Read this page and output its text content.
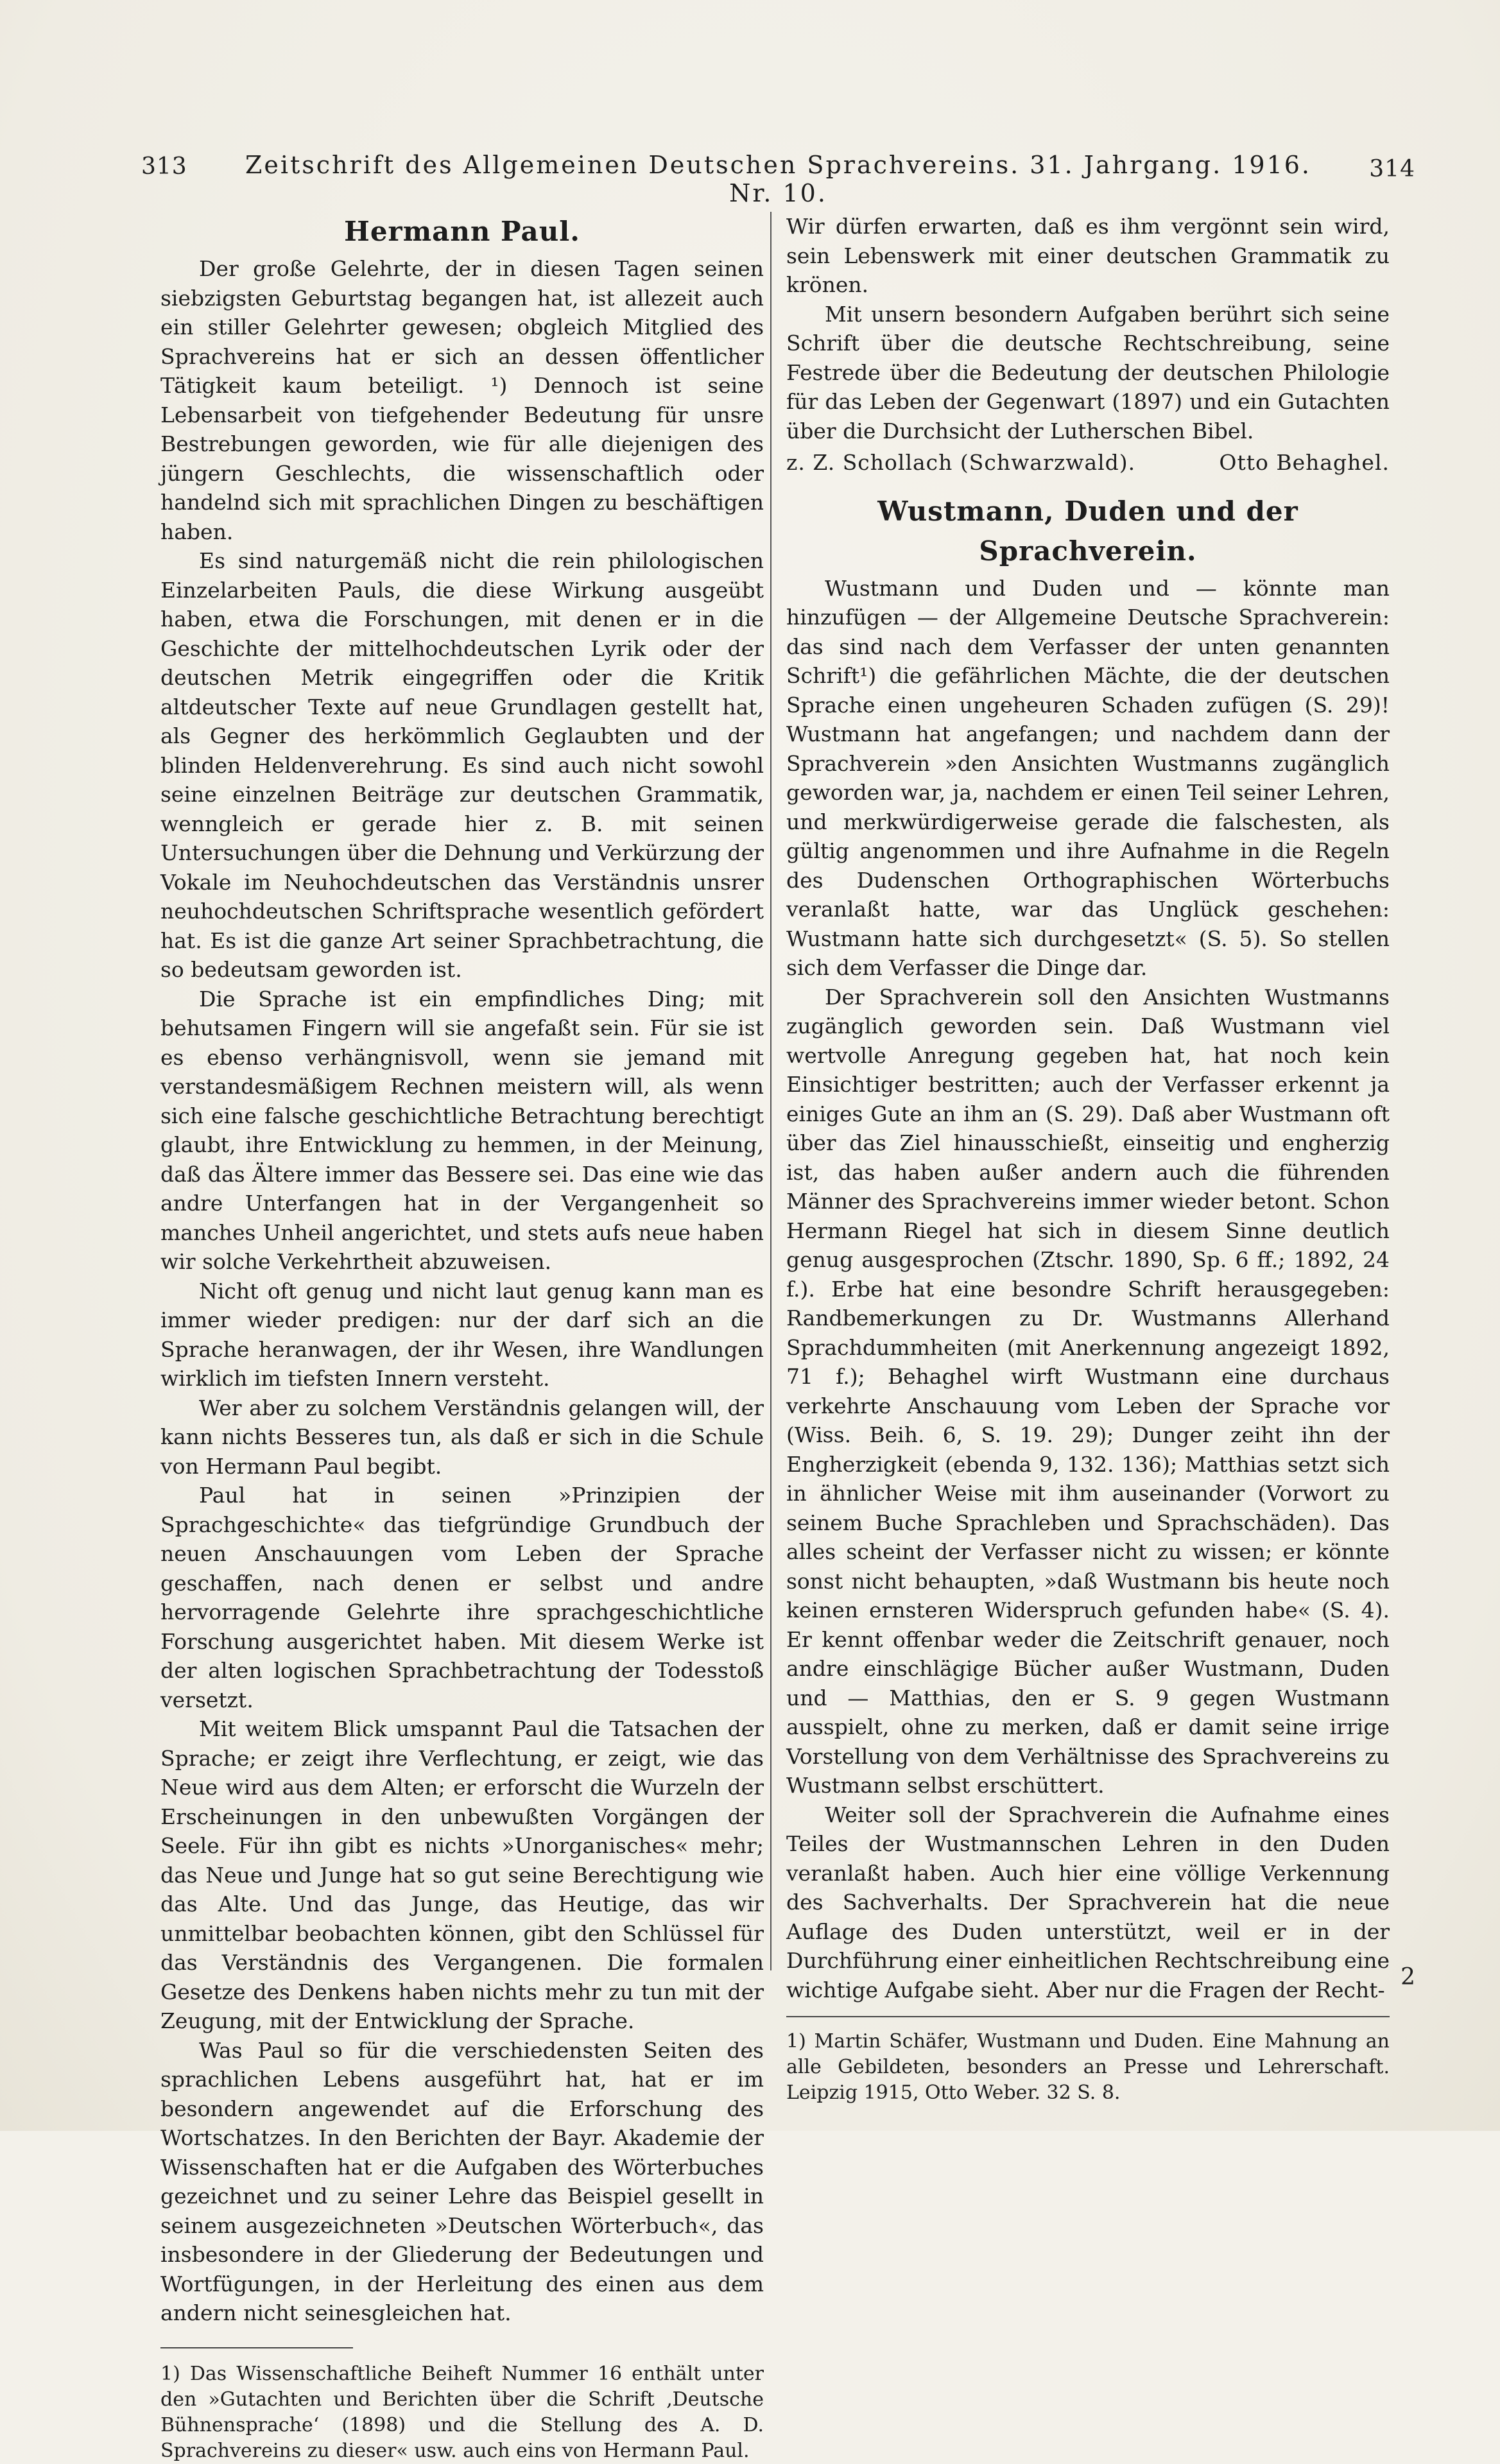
313	Zeitschrift des Allgemeinen Deutschen Sprachvereins. 31. Jahrgang. 1916. Nr. 10.
314
Hermann Paul.

Der große Gelehrte, der in diesen Tagen seinen siebzigsten Geburtstag begangen hat, ist allezeit auch ein stiller Gelehrter gewesen; obgleich Mitglied des Sprachvereins hat er sich an dessen öffentlicher Tätigkeit kaum beteiligt. ¹) Dennoch ist seine Lebensarbeit von tiefgehender Bedeutung für unsre Bestrebungen geworden, wie für alle diejenigen des jüngern Geschlechts, die wissenschaftlich oder handelnd sich mit sprachlichen Dingen zu beschäftigen haben.

Es sind naturgemäß nicht die rein philologischen Einzelarbeiten Pauls, die diese Wirkung ausgeübt haben, etwa die Forschungen, mit denen er in die Geschichte der mittelhochdeutschen Lyrik oder der deutschen Metrik eingegriffen oder die Kritik altdeutscher Texte auf neue Grundlagen gestellt hat, als Gegner des herkömmlich Geglaubten und der blinden Heldenverehrung. Es sind auch nicht sowohl seine einzelnen Beiträge zur deutschen Grammatik, wenngleich er gerade hier z. B. mit seinen Untersuchungen über die Dehnung und Verkürzung der Vokale im Neuhochdeutschen das Verständnis unsrer neuhochdeutschen Schriftsprache wesentlich gefördert hat. Es ist die ganze Art seiner Sprachbetrachtung, die so bedeutsam geworden ist.

Die Sprache ist ein empfindliches Ding; mit behutsamen Fingern will sie angefaßt sein. Für sie ist es ebenso verhängnisvoll, wenn sie jemand mit verstandesmäßigem Rechnen meistern will, als wenn sich eine falsche geschichtliche Betrachtung berechtigt glaubt, ihre Entwicklung zu hemmen, in der Meinung, daß das Ältere immer das Bessere sei. Das eine wie das andre Unterfangen hat in der Vergangenheit so manches Unheil angerichtet, und stets aufs neue haben wir solche Verkehrtheit abzuweisen.

Nicht oft genug und nicht laut genug kann man es immer wieder predigen: nur der darf sich an die Sprache heranwagen, der ihr Wesen, ihre Wandlungen wirklich im tiefsten Innern versteht.

Wer aber zu solchem Verständnis gelangen will, der kann nichts Besseres tun, als daß er sich in die Schule von Hermann Paul begibt.

Paul hat in seinen »Prinzipien der Sprachgeschichte« das tiefgründige Grundbuch der neuen Anschauungen vom Leben der Sprache geschaffen, nach denen er selbst und andre hervorragende Gelehrte ihre sprachgeschichtliche Forschung ausgerichtet haben. Mit diesem Werke ist der alten logischen Sprachbetrachtung der Todesstoß versetzt.

Mit weitem Blick umspannt Paul die Tatsachen der Sprache; er zeigt ihre Verflechtung, er zeigt, wie das Neue wird aus dem Alten; er erforscht die Wurzeln der Erscheinungen in den unbewußten Vorgängen der Seele. Für ihn gibt es nichts »Unorganisches« mehr; das Neue und Junge hat so gut seine Berechtigung wie das Alte. Und das Junge, das Heutige, das wir unmittelbar beobachten können, gibt den Schlüssel für das Verständnis des Vergangenen. Die formalen Gesetze des Denkens haben nichts mehr zu tun mit der Zeugung, mit der Entwicklung der Sprache.

Was Paul so für die verschiedensten Seiten des sprachlichen Lebens ausgeführt hat, hat er im besondern angewendet auf die Erforschung des Wortschatzes. In den Berichten der Bayr. Akademie der Wissenschaften hat er die Aufgaben des Wörterbuches gezeichnet und zu seiner Lehre das Beispiel gesellt in seinem ausgezeichneten »Deutschen Wörterbuch«, das insbesondere in der Gliederung der Bedeutungen und Wortfügungen, in der Herleitung des einen aus dem andern nicht seinesgleichen hat.

1) Das Wissenschaftliche Beiheft Nummer 16 enthält unter den »Gutachten und Berichten über die Schrift ‚Deutsche Bühnensprache‘ (1898) und die Stellung des A. D. Sprachvereins zu dieser« usw. auch eins von Hermann Paul.

Wir dürfen erwarten, daß es ihm vergönnt sein wird, sein Lebenswerk mit einer deutschen Grammatik zu krönen.

Mit unsern besondern Aufgaben berührt sich seine Schrift über die deutsche Rechtschreibung, seine Festrede über die Bedeutung der deutschen Philologie für das Leben der Gegenwart (1897) und ein Gutachten über die Durchsicht der Lutherschen Bibel.

z. Z. Schollach (Schwarzwald).	Otto Behaghel.
Wustmann, Duden und der Sprachverein.

Wustmann und Duden und — könnte man hinzufügen — der Allgemeine Deutsche Sprachverein: das sind nach dem Verfasser der unten genannten Schrift¹) die gefährlichen Mächte, die der deutschen Sprache einen ungeheuren Schaden zufügen (S. 29)! Wustmann hat angefangen; und nachdem dann der Sprachverein »den Ansichten Wustmanns zugänglich geworden war, ja, nachdem er einen Teil seiner Lehren, und merkwürdigerweise gerade die falschesten, als gültig angenommen und ihre Aufnahme in die Regeln des Dudenschen Orthographischen Wörterbuchs veranlaßt hatte, war das Unglück geschehen: Wustmann hatte sich durchgesetzt« (S. 5). So stellen sich dem Verfasser die Dinge dar.

Der Sprachverein soll den Ansichten Wustmanns zugänglich geworden sein. Daß Wustmann viel wertvolle Anregung gegeben hat, hat noch kein Einsichtiger bestritten; auch der Verfasser erkennt ja einiges Gute an ihm an (S. 29). Daß aber Wustmann oft über das Ziel hinausschießt, einseitig und engherzig ist, das haben außer andern auch die führenden Männer des Sprachvereins immer wieder betont. Schon Hermann Riegel hat sich in diesem Sinne deutlich genug ausgesprochen (Ztschr. 1890, Sp. 6 ff.; 1892, 24 f.). Erbe hat eine besondre Schrift herausgegeben: Randbemerkungen zu Dr. Wustmanns Allerhand Sprachdummheiten (mit Anerkennung angezeigt 1892, 71 f.); Behaghel wirft Wustmann eine durchaus verkehrte Anschauung vom Leben der Sprache vor (Wiss. Beih. 6, S. 19. 29); Dunger zeiht ihn der Engherzigkeit (ebenda 9, 132. 136); Matthias setzt sich in ähnlicher Weise mit ihm auseinander (Vorwort zu seinem Buche Sprachleben und Sprachschäden). Das alles scheint der Verfasser nicht zu wissen; er könnte sonst nicht behaupten, »daß Wustmann bis heute noch keinen ernsteren Widerspruch gefunden habe« (S. 4). Er kennt offenbar weder die Zeitschrift genauer, noch andre einschlägige Bücher außer Wustmann, Duden und — Matthias, den er S. 9 gegen Wustmann ausspielt, ohne zu merken, daß er damit seine irrige Vorstellung von dem Verhältnisse des Sprachvereins zu Wustmann selbst erschüttert.

Weiter soll der Sprachverein die Aufnahme eines Teiles der Wustmannschen Lehren in den Duden veranlaßt haben. Auch hier eine völlige Verkennung des Sachverhalts. Der Sprachverein hat die neue Auflage des Duden unterstützt, weil er in der Durchführung einer einheitlichen Rechtschreibung eine wichtige Aufgabe sieht. Aber nur die Fragen der Recht-

1) Martin Schäfer, Wustmann und Duden. Eine Mahnung an alle Gebildeten, besonders an Presse und Lehrerschaft. Leipzig 1915, Otto Weber. 32 S. 8.

2
